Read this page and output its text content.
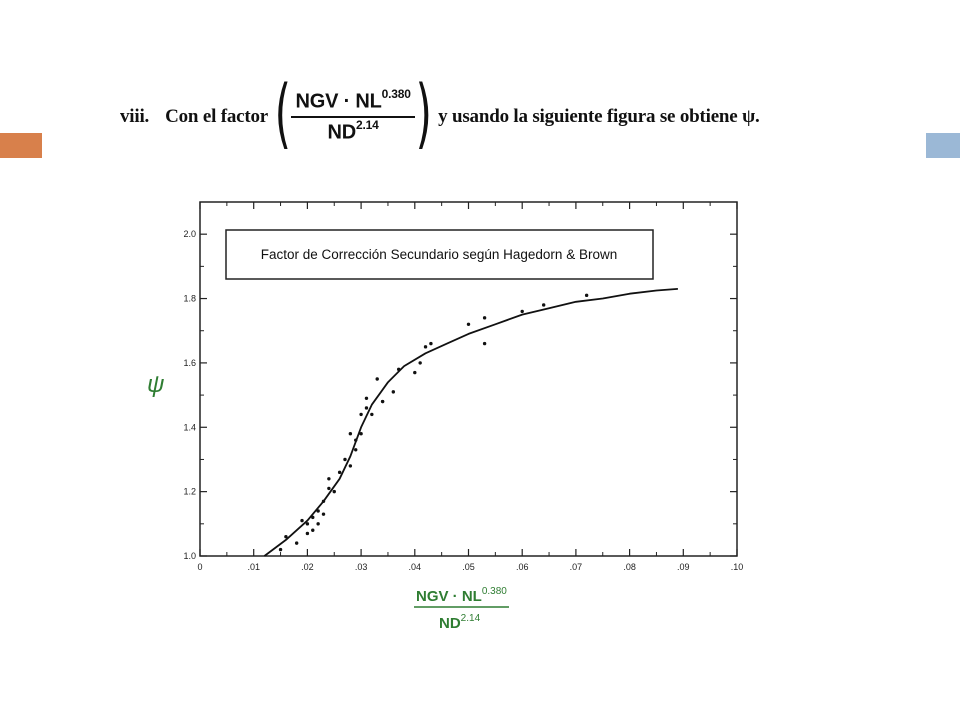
viii. Con el factor ( $\frac{NGV \cdot NL^{0.380}}{ND^{2.14}}$ ) y usando la siguiente figura se obtiene ψ.
0	.01	.02	.03	.04	.05	.06	.07	.08	.09	.10
1.0
1.2
1.4
1.6
1.8
2.0
Factor de Corrección Secundario según Hagedorn & Brown
ψ
NGV · $NL^{0.380}$
$ND^{2.14}$
